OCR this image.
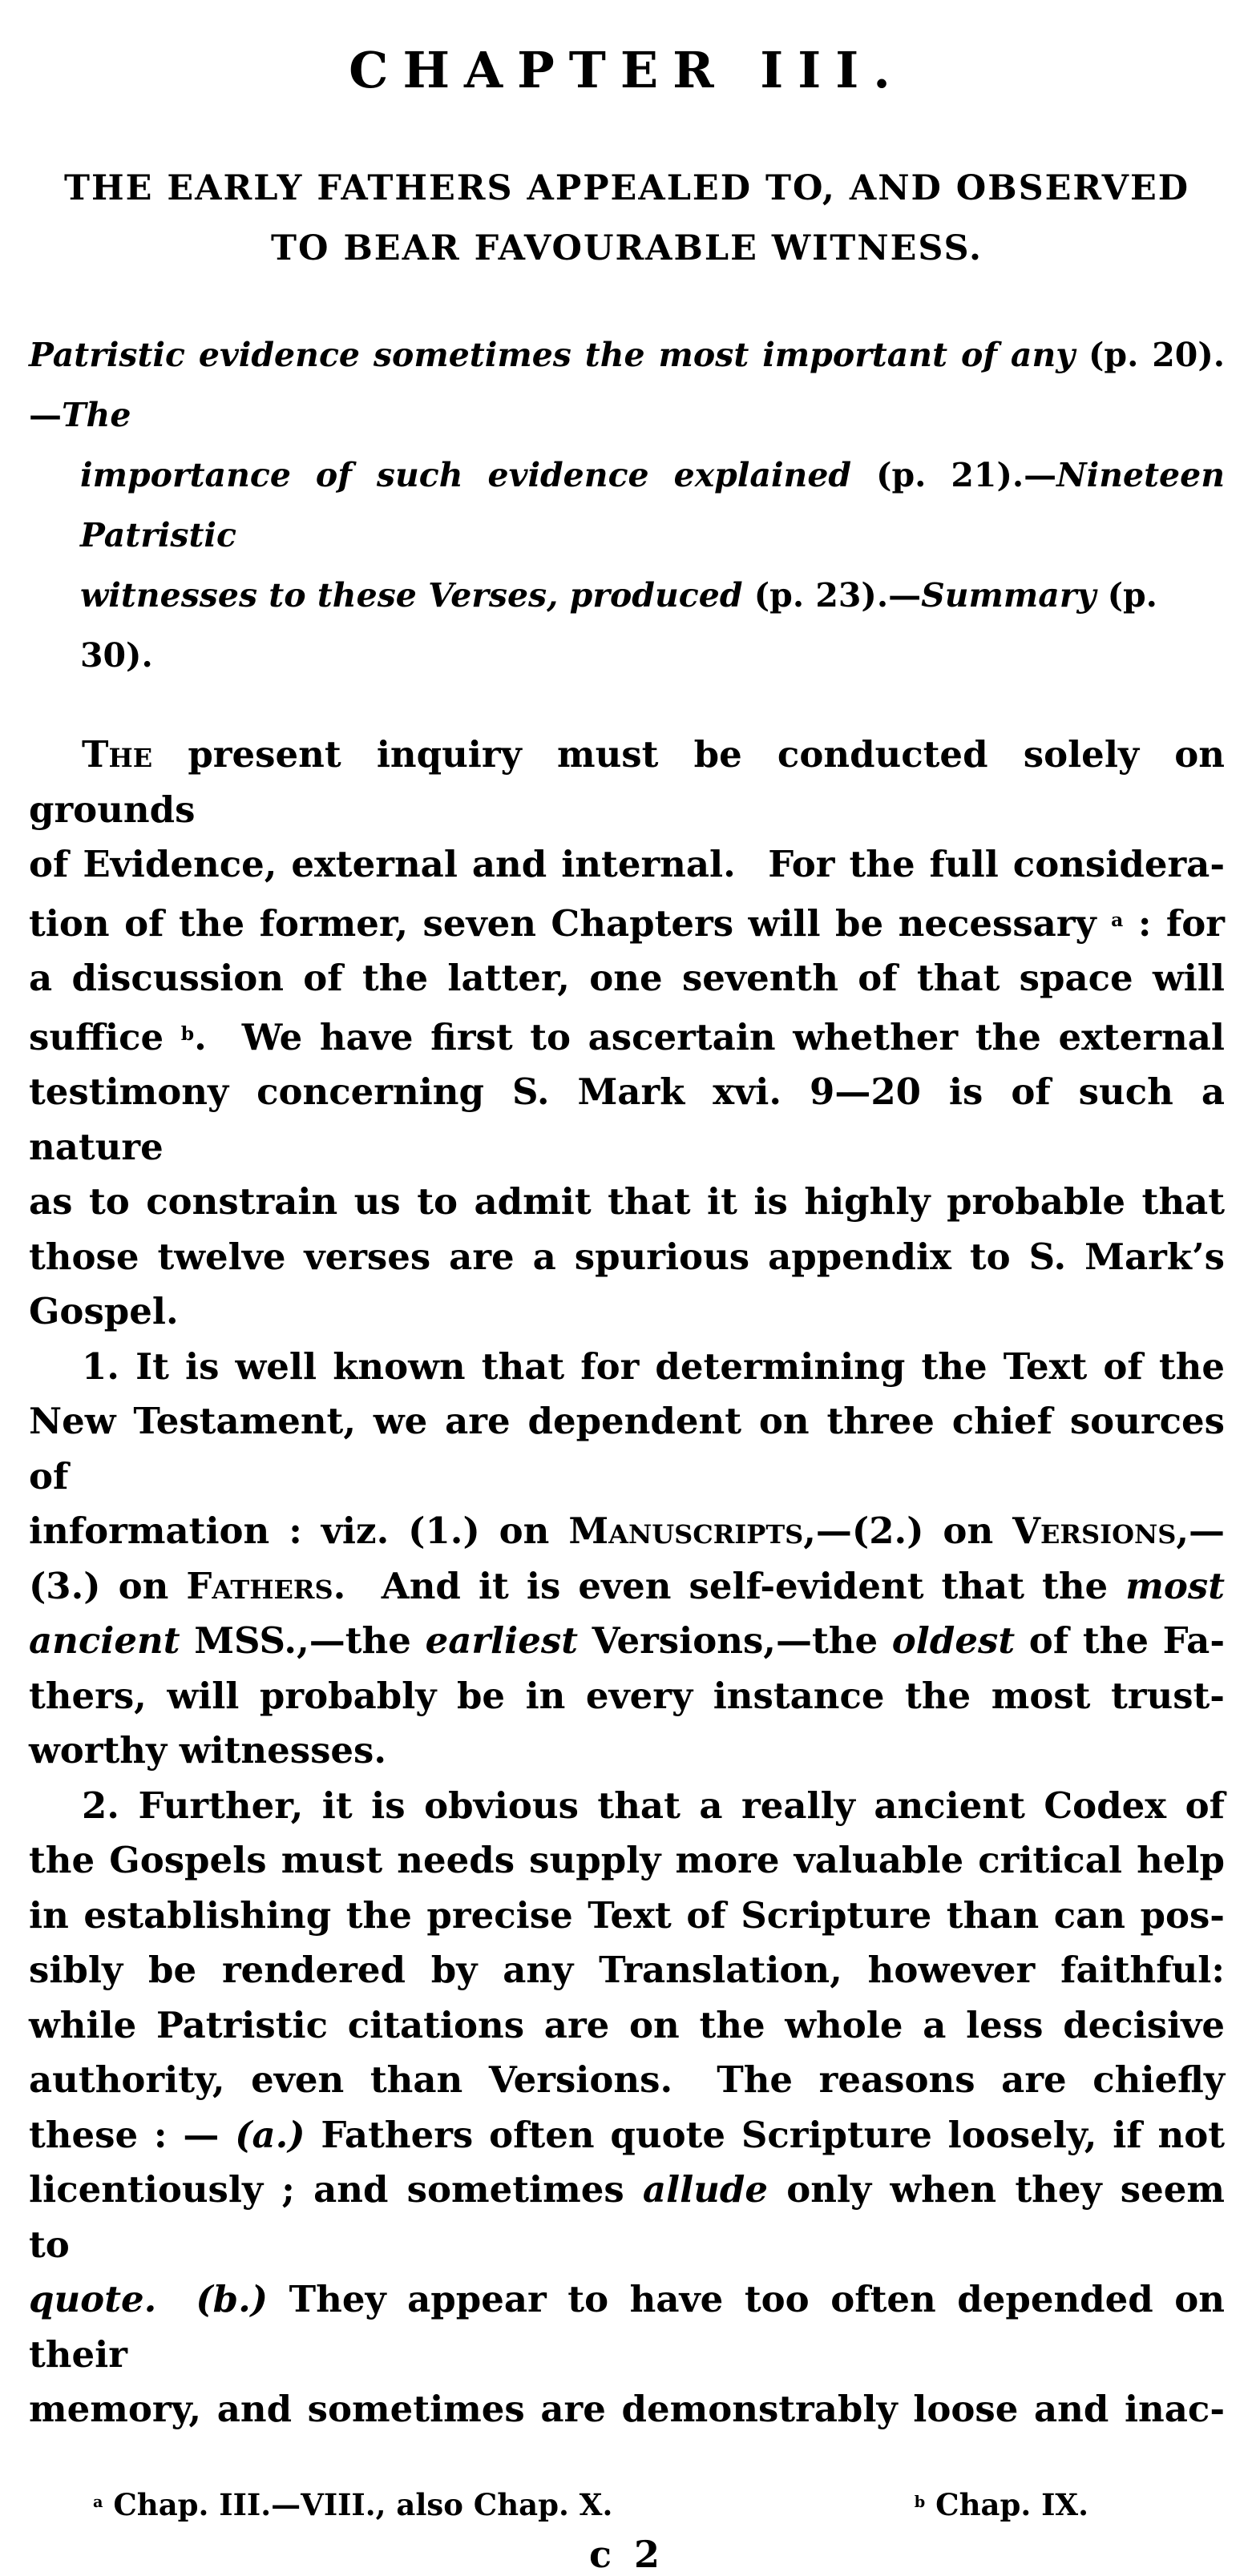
CHAPTER III.
THE EARLY FATHERS APPEALED TO, AND OBSERVED
TO BEAR FAVOURABLE WITNESS.
Patristic evidence sometimes the most important of any (p. 20).—The
importance of such evidence explained (p. 21).—Nineteen Patristic
witnesses to these Verses, produced (p. 23).—Summary (p. 30).
The present inquiry must be conducted solely on grounds
of Evidence, external and internal.  For the full considera-
tion of the former, seven Chapters will be necessary $^a$ : for
a discussion of the latter, one seventh of that space will
suffice $^b$.  We have first to ascertain whether the external
testimony concerning S. Mark xvi. 9—20 is of such a nature
as to constrain us to admit that it is highly probable that
those twelve verses are a spurious appendix to S. Mark’s
Gospel.
1. It is well known that for determining the Text of the
New Testament, we are dependent on three chief sources of
information : viz. (1.) on Manuscripts,—(2.) on Versions,—
(3.) on Fathers.  And it is even self-evident that the most
ancient MSS.,—the earliest Versions,—the oldest of the Fa-
thers, will probably be in every instance the most trust-
worthy witnesses.
2. Further, it is obvious that a really ancient Codex of
the Gospels must needs supply more valuable critical help
in establishing the precise Text of Scripture than can pos-
sibly be rendered by any Translation, however faithful:
while Patristic citations are on the whole a less decisive
authority, even than Versions.  The reasons are chiefly
these : — (a.) Fathers often quote Scripture loosely, if not
licentiously ; and sometimes allude only when they seem to
quote.  (b.) They appear to have too often depended on their
memory, and sometimes are demonstrably loose and inac-
$^a$ Chap. III.—VIII., also Chap. X.	$^b$ Chap. IX.
c 2
